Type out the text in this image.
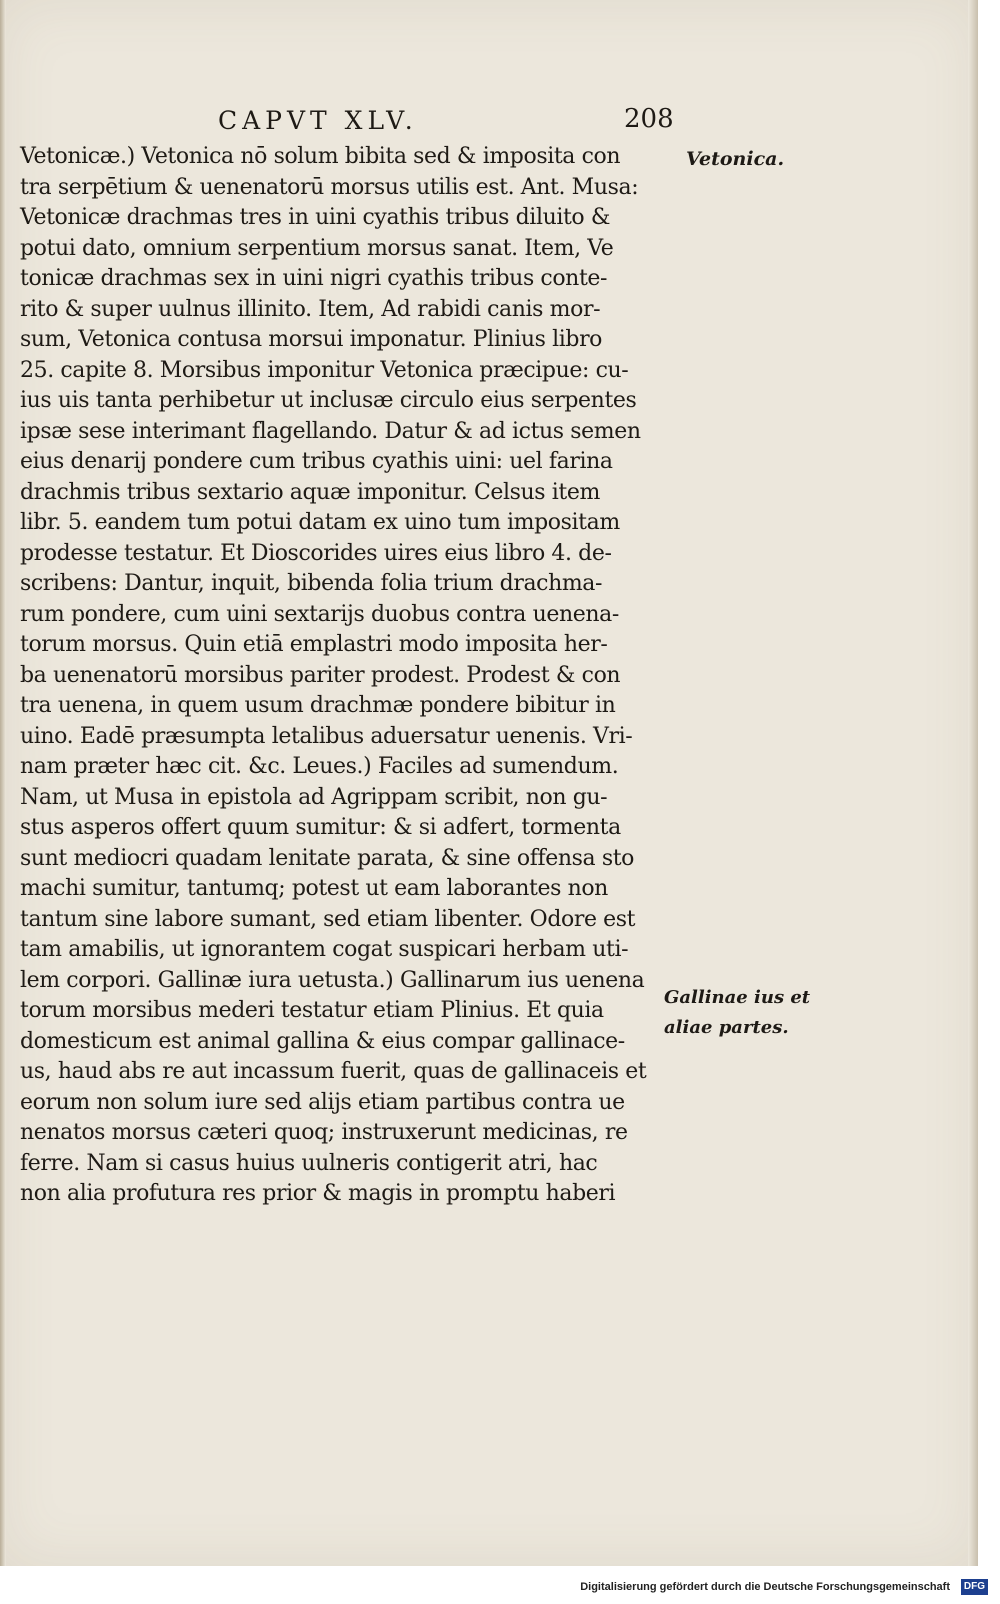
CAPVT XLV.	208
Vetonicæ.) Vetonica nō solum bibita sed & imposita con
tra serpētium & uenenatorū morsus utilis est. Ant. Musa:
Vetonicæ drachmas tres in uini cyathis tribus diluito &
potui dato, omnium serpentium morsus sanat. Item, Ve
tonicæ drachmas sex in uini nigri cyathis tribus conte-
rito & super uulnus illinito. Item, Ad rabidi canis mor-
sum, Vetonica contusa morsui imponatur. Plinius libro
25. capite 8. Morsibus imponitur Vetonica præcipue: cu-
ius uis tanta perhibetur ut inclusæ circulo eius serpentes
ipsæ sese interimant flagellando. Datur & ad ictus semen
eius denarij pondere cum tribus cyathis uini: uel farina
drachmis tribus sextario aquæ imponitur. Celsus item
libr. 5. eandem tum potui datam ex uino tum impositam
prodesse testatur. Et Dioscorides uires eius libro 4. de-
scribens: Dantur, inquit, bibenda folia trium drachma-
rum pondere, cum uini sextarijs duobus contra uenena-
torum morsus. Quin etiā emplastri modo imposita her-
ba uenenatorū morsibus pariter prodest. Prodest & con
tra uenena, in quem usum drachmæ pondere bibitur in
uino. Eadē præsumpta letalibus aduersatur uenenis. Vri-
nam præter hæc cit. &c. Leues.) Faciles ad sumendum.
Nam, ut Musa in epistola ad Agrippam scribit, non gu-
stus asperos offert quum sumitur: & si adfert, tormenta
sunt mediocri quadam lenitate parata, & sine offensa sto
machi sumitur, tantumq; potest ut eam laborantes non
tantum sine labore sumant, sed etiam libenter. Odore est
tam amabilis, ut ignorantem cogat suspicari herbam uti-
lem corpori. Gallinæ iura uetusta.) Gallinarum ius uenena
torum morsibus mederi testatur etiam Plinius. Et quia
domesticum est animal gallina & eius compar gallinace-
us, haud abs re aut incassum fuerit, quas de gallinaceis et
eorum non solum iure sed alijs etiam partibus contra ue
nenatos morsus cæteri quoq; instruxerunt medicinas, re
ferre. Nam si casus huius uulneris contigerit atri, hac
non alia profutura res prior & magis in promptu haberi
Vetonica.
Gallinae ius et
aliae partes.
Digitalisierung gefördert durch die Deutsche Forschungsgemeinschaft	DFG
